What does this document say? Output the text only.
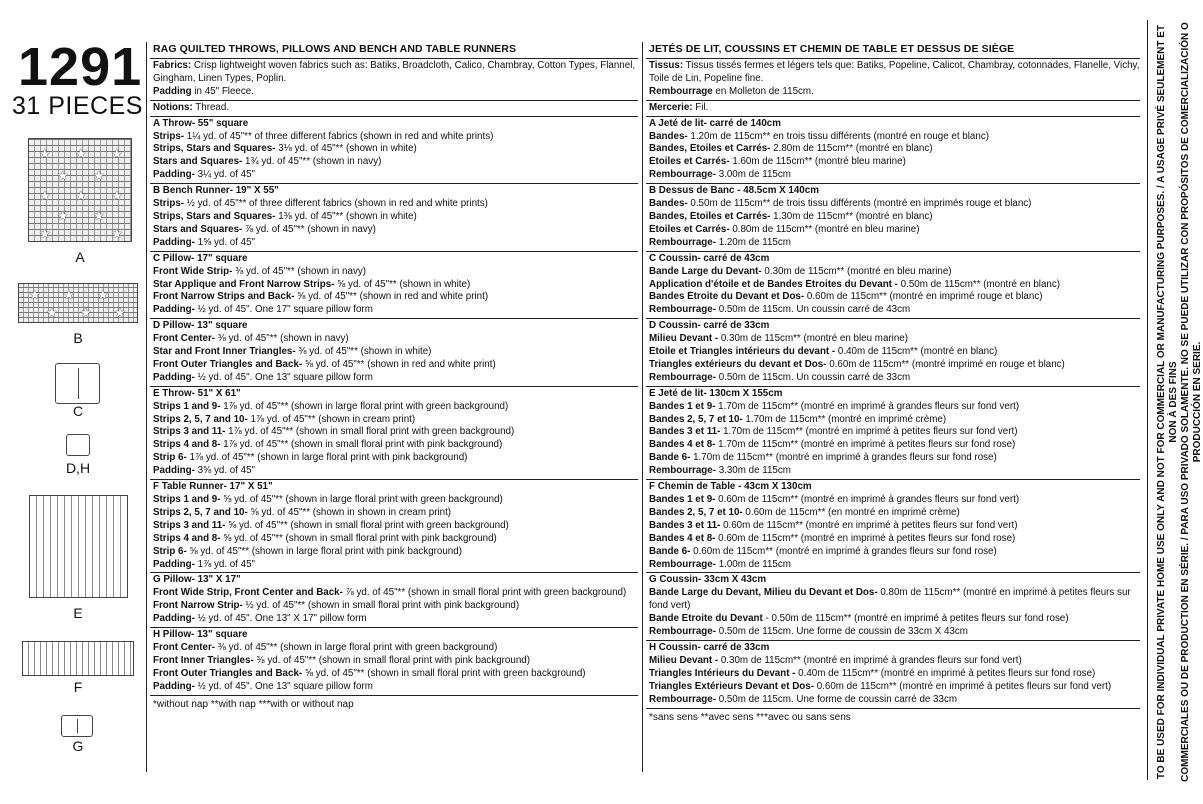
1291
31 PIECES
★ ★ ★
★ ★
★ ★ ★
★ ★
★	★
A
★ ★ ★
★ ★ ★
B
C
D,H
E
F
G
RAG QUILTED THROWS, PILLOWS AND BENCH AND TABLE RUNNERS
Fabrics: Crisp lightweight woven fabrics such as: Batiks, Broadcloth, Calico, Chambray, Cotton Types, Flannel,
Gingham, Linen Types, Poplin.
Padding in 45" Fleece.
Notions: Thread.
A Throw- 55" square
Strips- 1¼ yd. of 45"** of three different fabrics (shown in red and white prints)
Strips, Stars and Squares- 3⅛ yd. of 45"** (shown in white)
Stars and Squares- 1¾ yd. of 45"** (shown in navy)
Padding- 3¼ yd. of 45"
B Bench Runner- 19" X 55"
Strips- ½ yd. of 45"** of three different fabrics (shown in red and white prints)
Strips, Stars and Squares- 1⅜ yd. of 45"** (shown in white)
Stars and Squares- ⅞ yd. of 45"** (shown in navy)
Padding- 1⅝ yd. of 45"
C Pillow- 17" square
Front Wide Strip- ⅜ yd. of 45"** (shown in navy)
Star Applique and Front Narrow Strips- ⅝ yd. of 45"** (shown in white)
Front Narrow Strips and Back- ⅝ yd. of 45"** (shown in red and white print)
Padding- ½ yd. of 45". One 17" square pillow form
D Pillow- 13" square
Front Center- ⅜ yd. of 45"** (shown in navy)
Star and Front Inner Triangles- ⅜ yd. of 45"** (shown in white)
Front Outer Triangles and Back- ⅝ yd. of 45"** (shown in red and white print)
Padding- ½ yd. of 45". One 13" square pillow form
E Throw- 51" X 61"
Strips 1 and 9- 1⅞ yd. of 45"** (shown in large floral print with green background)
Strips 2, 5, 7 and 10- 1⅞ yd. of 45"** (shown in cream print)
Strips 3 and 11- 1⅞ yd. of 45"** (shown in small floral print with green background)
Strips 4 and 8- 1⅞ yd. of 45"** (shown in small floral print with pink background)
Strip 6- 1⅞ yd. of 45"** (shown in large floral print with pink background)
Padding- 3⅝ yd. of 45"
F Table Runner- 17" X 51"
Strips 1 and 9- ⅝ yd. of 45"** (shown in large floral print with green background)
Strips 2, 5, 7 and 10- ⅝ yd. of 45"** (shown in shown in cream print)
Strips 3 and 11- ⅝ yd. of 45"** (shown in small floral print with green background)
Strips 4 and 8- ⅝ yd. of 45"** (shown in small floral print with pink background)
Strip 6- ⅝ yd. of 45"** (shown in large floral print with pink background)
Padding- 1⅞ yd. of 45"
G Pillow- 13" X 17"
Front Wide Strip, Front Center and Back- ⅞ yd. of 45"** (shown in small floral print with green background)
Front Narrow Strip- ½ yd. of 45"** (shown in small floral print with pink background)
Padding- ½ yd. of 45". One 13" X 17" pillow form
H Pillow- 13" square
Front Center- ⅜ yd. of 45"** (shown in large floral print with green background)
Front Inner Triangles- ⅜ yd. of 45"** (shown in small floral print with pink background)
Front Outer Triangles and Back- ⅝ yd. of 45"** (shown in small floral print with green background)
Padding- ½ yd. of 45". One 13" square pillow form
*without nap **with nap ***with or without nap
JETÉS DE LIT, COUSSINS ET CHEMIN DE TABLE ET DESSUS DE SIÈGE
Tissus: Tissus tissés fermes et légers tels que: Batiks, Popeline, Calicot, Chambray, cotonnades, Flanelle, Vichy,
Toile de Lin, Popeline fine.
Rembourrage en Molleton de 115cm.
Mercerie: Fil.
A Jeté de lit- carré de 140cm
Bandes- 1.20m de 115cm** en trois tissu différents (montré en rouge et blanc)
Bandes, Étoiles et Carrés- 2.80m de 115cm** (montré en blanc)
Étoiles et Carrés- 1.60m de 115cm** (montré bleu marine)
Rembourrage- 3.00m de 115cm
B Dessus de Banc - 48.5cm X 140cm
Bandes- 0.50m de 115cm** de trois tissu différents (montré en imprimés rouge et blanc)
Bandes, Étoiles et Carrés- 1.30m de 115cm** (montré en blanc)
Étoiles et Carrés- 0.80m de 115cm** (montré en bleu marine)
Rembourrage- 1.20m de 115cm
C Coussin- carré de 43cm
Bande Large du Devant- 0.30m de 115cm** (montré en bleu marine)
Application d'étoile et de Bandes Étroites du Devant - 0.50m de 115cm** (montré en blanc)
Bandes Étroite du Devant et Dos- 0.60m de 115cm** (montré en imprimé rouge et blanc)
Rembourrage- 0.50m de 115cm. Un coussin carré de 43cm
D Coussin- carré de 33cm
Milieu Devant - 0.30m de 115cm** (montré en bleu marine)
Étoile et Triangles intérieurs du devant - 0.40m de 115cm** (montré en blanc)
Triangles extérieurs du devant et Dos- 0.60m de 115cm** (montré imprimé en rouge et blanc)
Rembourrage- 0.50m de 115cm. Un coussin carré de 33cm
E Jeté de lit- 130cm X 155cm
Bandes 1 et 9- 1.70m de 115cm** (montré en imprimé à grandes fleurs sur fond vert)
Bandes 2, 5, 7 et 10- 1.70m de 115cm** (montré en imprimé crème)
Bandes 3 et 11- 1.70m de 115cm** (montré en imprimé à petites fleurs sur fond vert)
Bandes 4 et 8- 1.70m de 115cm** (montré en imprimé à petites fleurs sur fond rose)
Bande 6- 1.70m de 115cm** (montré en imprimé à grandes fleurs sur fond rose)
Rembourrage- 3.30m de 115cm
F Chemin de Table - 43cm X 130cm
Bandes 1 et 9- 0.60m de 115cm** (montré en imprimé à grandes fleurs sur fond vert)
Bandes 2, 5, 7 et 10- 0.60m de 115cm** (en montré en imprimé crème)
Bandes 3 et 11- 0.60m de 115cm** (montré en imprimé à petites fleurs sur fond vert)
Bandes 4 et 8- 0.60m de 115cm** (montré en imprimé à petites fleurs sur fond rose)
Bande 6- 0.60m de 115cm** (montré en imprimé à grandes fleurs sur fond rose)
Rembourrage- 1.00m de 115cm
G Coussin- 33cm X 43cm
Bande Large du Devant, Milieu du Devant et Dos- 0.80m de 115cm** (montré en imprimé à petites fleurs sur
fond vert)
Bande Étroite du Devant - 0.50m de 115cm** (montré en imprimé à petites fleurs sur fond rose)
Rembourrage- 0.50m de 115cm. Une forme de coussin de 33cm X 43cm
H Coussin- carré de 33cm
Milieu Devant - 0.30m de 115cm** (montré en imprimé à grandes fleurs sur fond vert)
Triangles Intérieurs du Devant - 0.40m de 115cm** (montré en imprimé à petites fleurs sur fond rose)
Triangles Extérieurs Devant et Dos- 0.60m de 115cm** (montré en imprimé à petites fleurs sur fond vert)
Rembourrage- 0.50m de 115cm. Une forme de coussin carré de 33cm
*sans sens **avec sens ***avec ou sans sens	TO BE USED FOR INDIVIDUAL PRIVATE HOME USE ONLY AND NOT FOR COMMERCIAL OR MANUFACTURING PURPOSES. / A USAGE PRIVÉ SEULEMENT ET NON À DES FINS COMMERCIALES OU DE PRODUCTION EN SÉRIE. / PARA USO PRIVADO SOLAMENTE. NO SE PUEDE UTILIZAR CON PROPÓSITOS DE COMERCIALIZACIÓN O PRODUCCIÓN EN SERIE.
